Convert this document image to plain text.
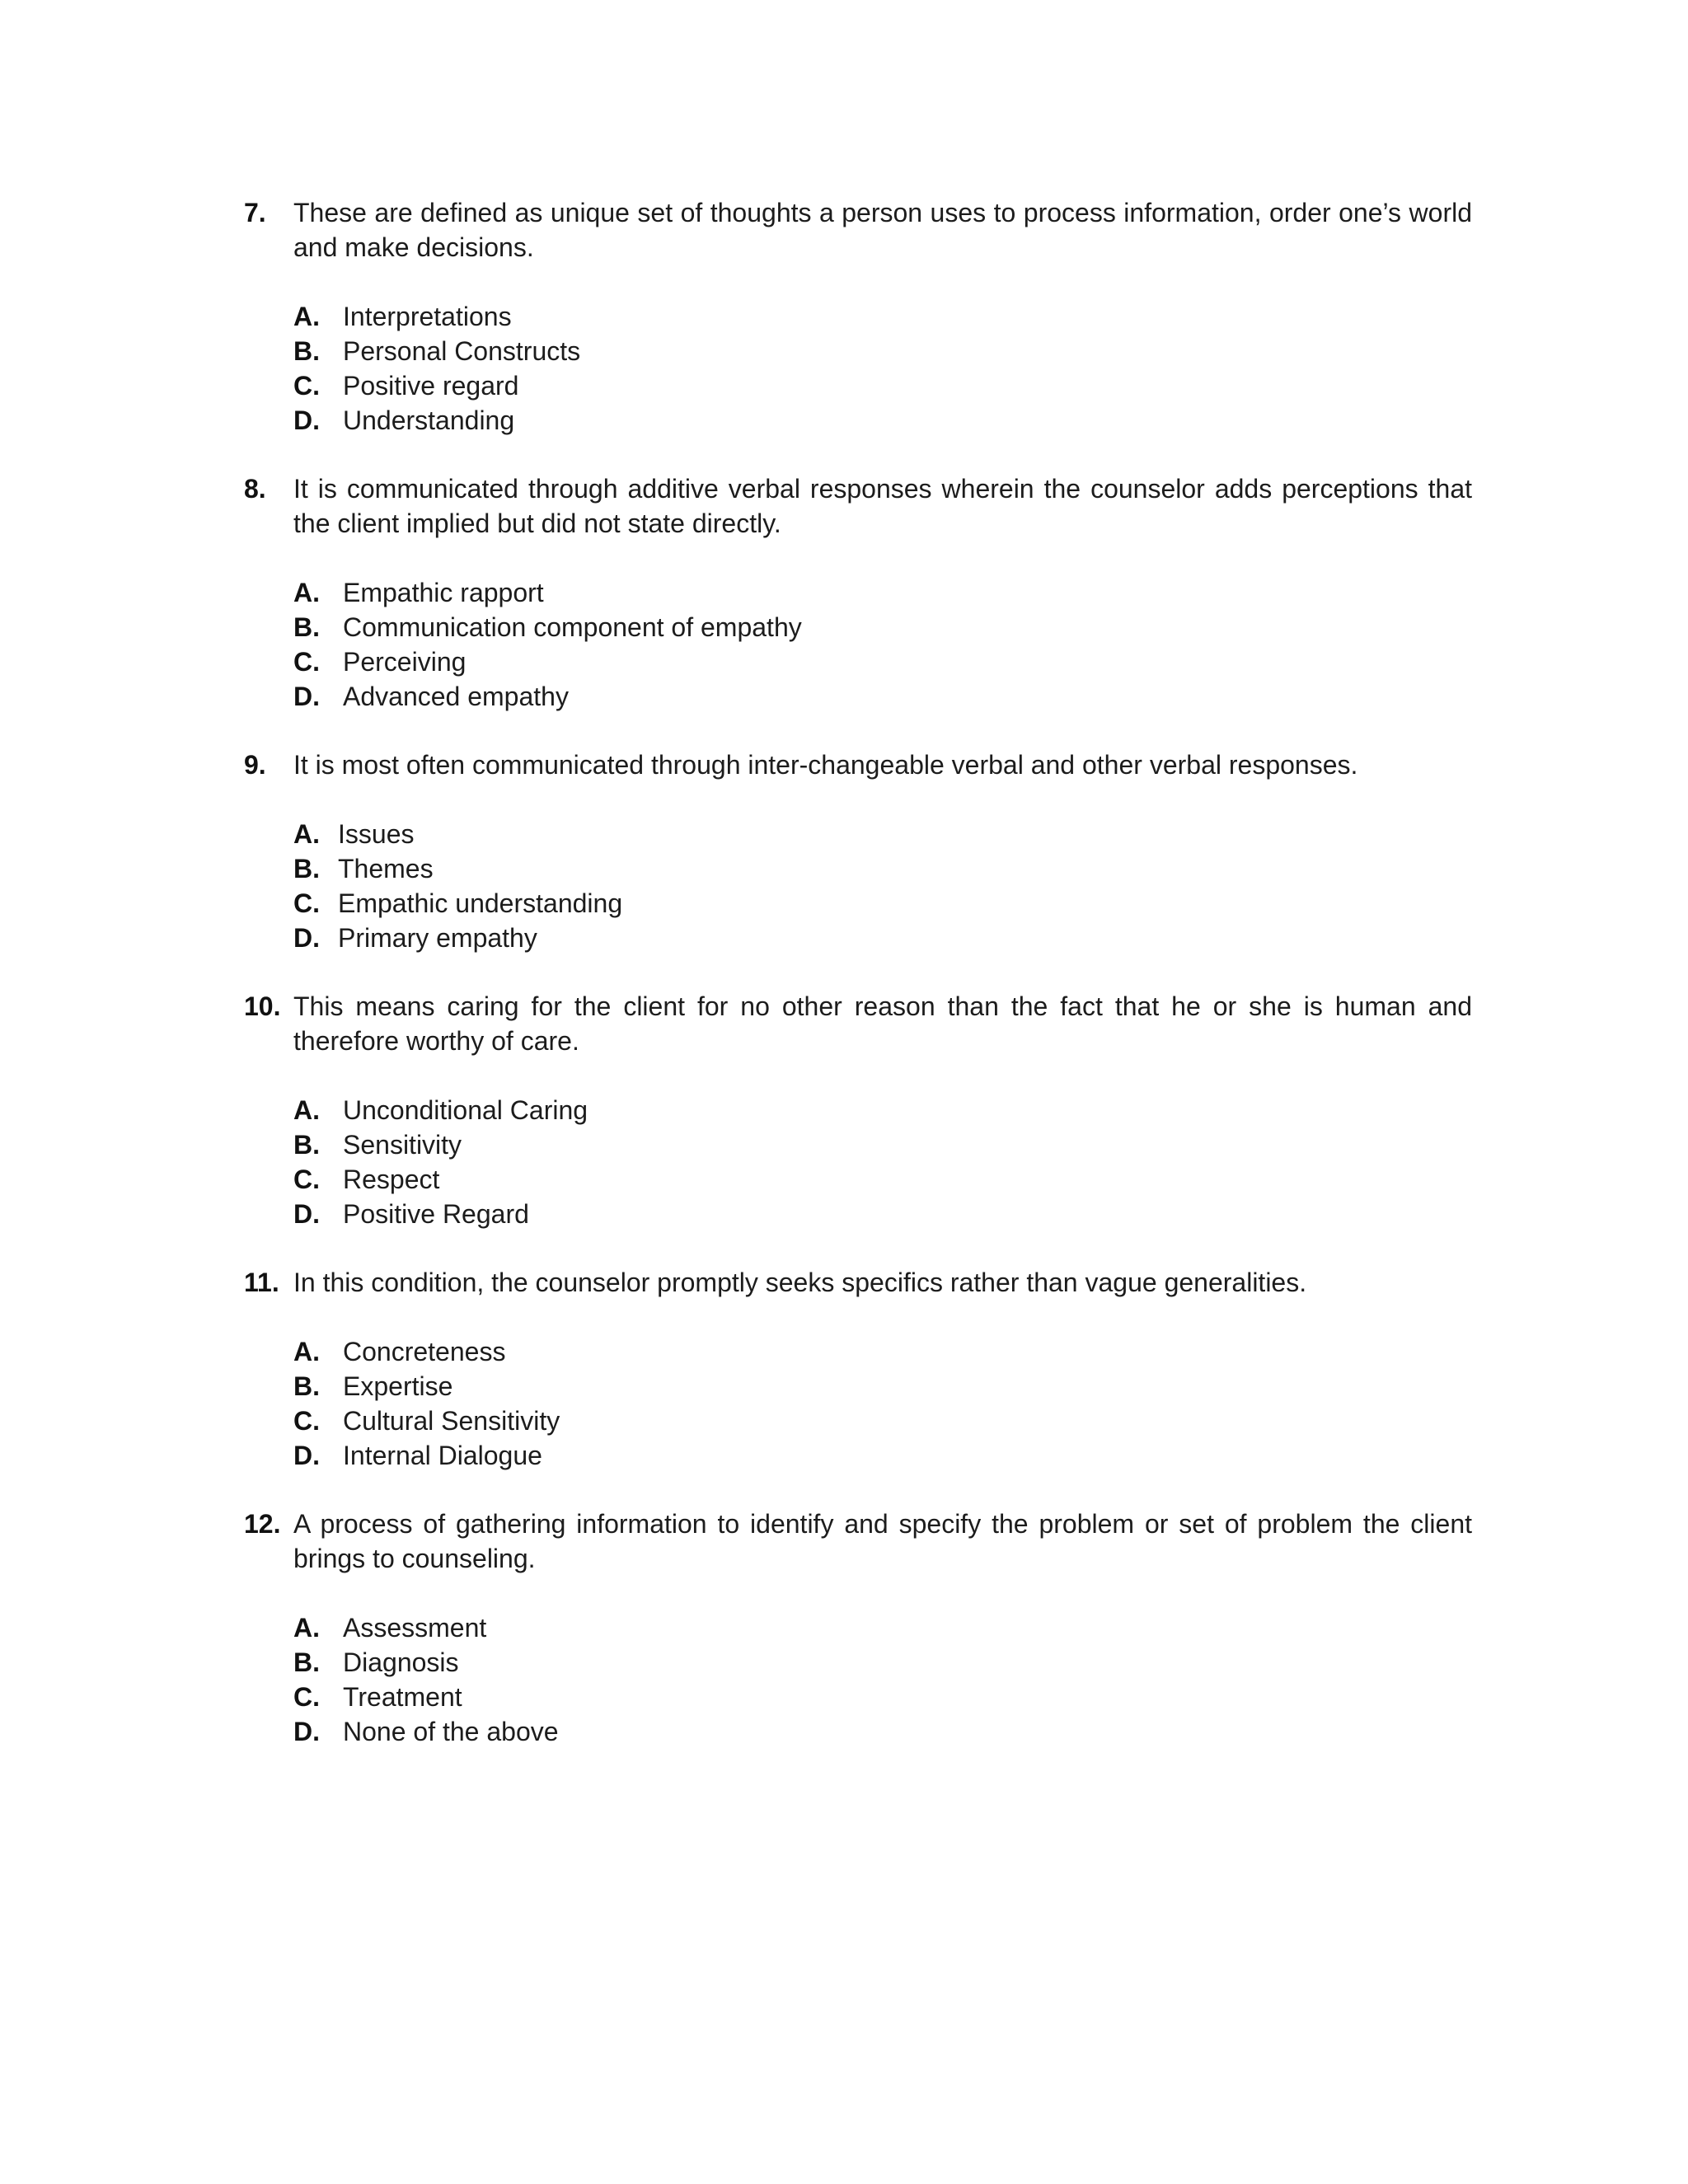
7. These are defined as unique set of thoughts a person uses to process information, order one’s world and make decisions.
A. Interpretations
B. Personal Constructs
C. Positive regard
D. Understanding
8. It is communicated through additive verbal responses wherein the counselor adds perceptions that the client implied but did not state directly.
A. Empathic rapport
B. Communication component of empathy
C. Perceiving
D. Advanced empathy
9. It is most often communicated through inter-changeable verbal and other verbal responses.
A. Issues
B. Themes
C. Empathic understanding
D. Primary empathy
10. This means caring for the client for no other reason than the fact that he or she is human and therefore worthy of care.
A. Unconditional Caring
B. Sensitivity
C. Respect
D. Positive Regard
11. In this condition, the counselor promptly seeks specifics rather than vague generalities.
A. Concreteness
B. Expertise
C. Cultural Sensitivity
D. Internal Dialogue
12. A process of gathering information to identify and specify the problem or set of problem the client brings to counseling.
A. Assessment
B. Diagnosis
C. Treatment
D. None of the above
